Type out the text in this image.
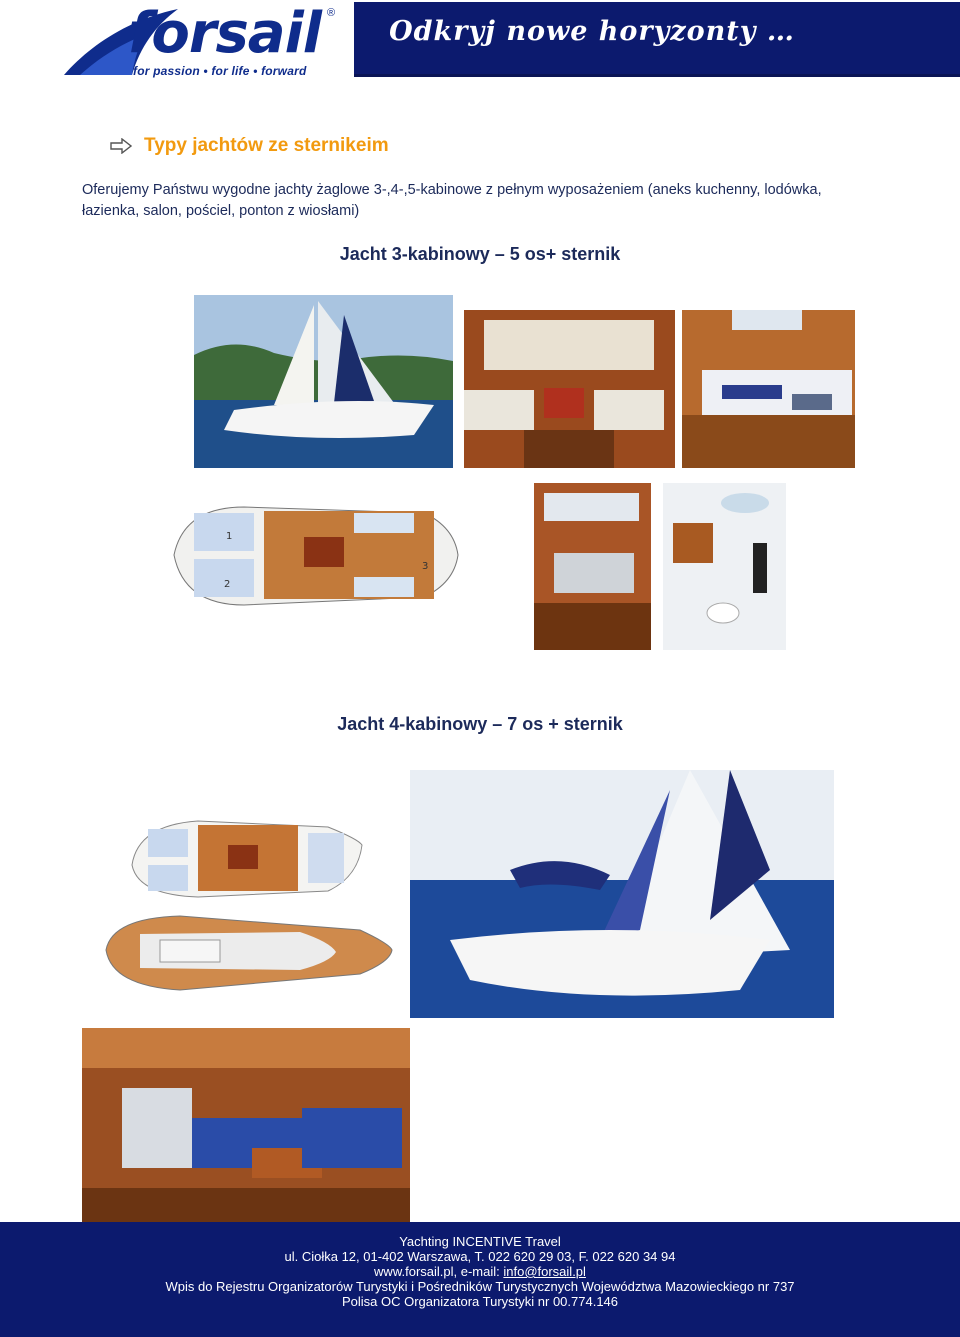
forsail ®
for passion • for life • forward
Odkryj nowe horyzonty …
Typy jachtów ze sternikeim
Oferujemy Państwu wygodne jachty żaglowe 3-,4-,5-kabinowe z pełnym wyposażeniem (aneks kuchenny, lodówka, łazienka, salon, pościel, ponton z wiosłami)
Jacht 3-kabinowy – 5 os+ sternik
1
2
3
Jacht 4-kabinowy – 7 os + sternik
Yachting INCENTIVE Travel
ul. Ciołka 12, 01-402 Warszawa, T. 022 620 29 03, F. 022 620 34 94
www.forsail.pl, e-mail: info@forsail.pl
Wpis do Rejestru Organizatorów Turystyki i Pośredników Turystycznych Województwa Mazowieckiego nr 737
Polisa OC Organizatora Turystyki nr 00.774.146
